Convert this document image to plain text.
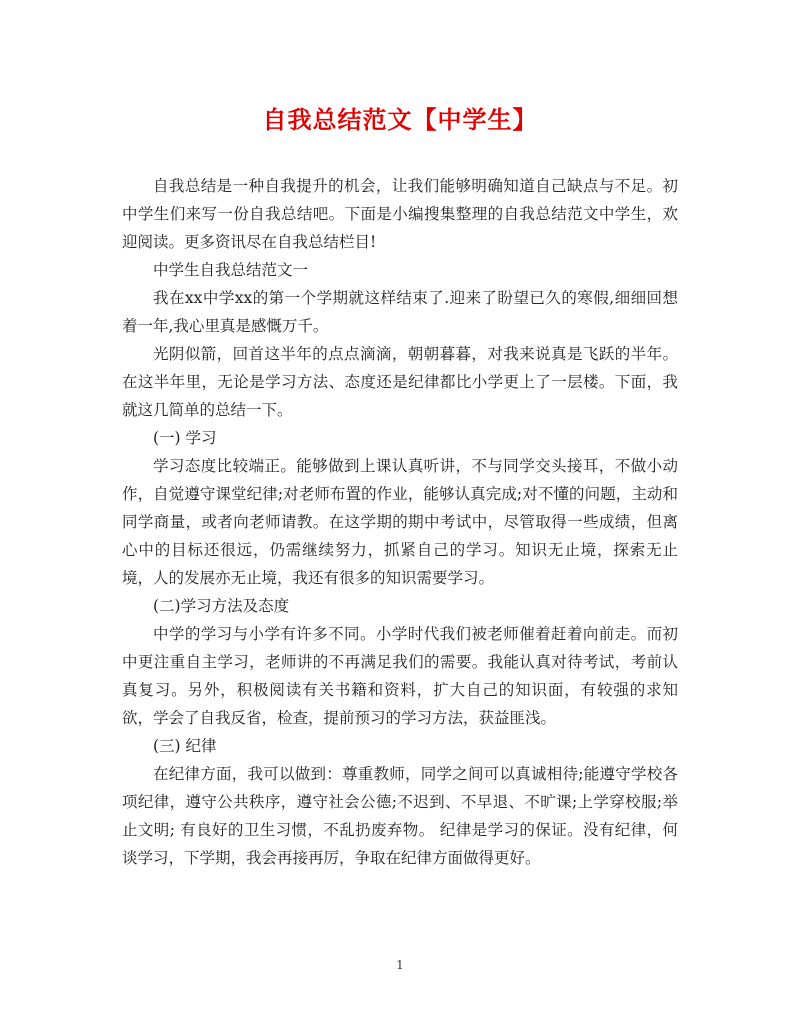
自我总结范文【中学生】

自我总结是一种自我提升的机会，让我们能够明确知道自己缺点与不足。初中学生们来写一份自我总结吧。下面是小编搜集整理的自我总结范文中学生，欢迎阅读。更多资讯尽在自我总结栏目!

中学生自我总结范文一

我在xx中学xx的第一个学期就这样结束了.迎来了盼望已久的寒假,细细回想着一年,我心里真是感慨万千。

光阴似箭，回首这半年的点点滴滴，朝朝暮暮，对我来说真是飞跃的半年。在这半年里，无论是学习方法、态度还是纪律都比小学更上了一层楼。下面，我就这几简单的总结一下。

(一) 学习

学习态度比较端正。能够做到上课认真听讲，不与同学交头接耳，不做小动作，自觉遵守课堂纪律;对老师布置的作业，能够认真完成;对不懂的问题，主动和同学商量，或者向老师请教。在这学期的期中考试中，尽管取得一些成绩，但离心中的目标还很远，仍需继续努力，抓紧自己的学习。知识无止境，探索无止境，人的发展亦无止境，我还有很多的知识需要学习。

(二)学习方法及态度

中学的学习与小学有许多不同。小学时代我们被老师催着赶着向前走。而初中更注重自主学习，老师讲的不再满足我们的需要。我能认真对待考试，考前认真复习。另外，积极阅读有关书籍和资料，扩大自己的知识面，有较强的求知欲，学会了自我反省，检查，提前预习的学习方法，获益匪浅。

(三) 纪律

在纪律方面，我可以做到：尊重教师，同学之间可以真诚相待;能遵守学校各项纪律，遵守公共秩序，遵守社会公德;不迟到、不早退、不旷课;上学穿校服;举止文明; 有良好的卫生习惯，不乱扔废弃物。 纪律是学习的保证。没有纪律，何谈学习，下学期，我会再接再厉，争取在纪律方面做得更好。

1
